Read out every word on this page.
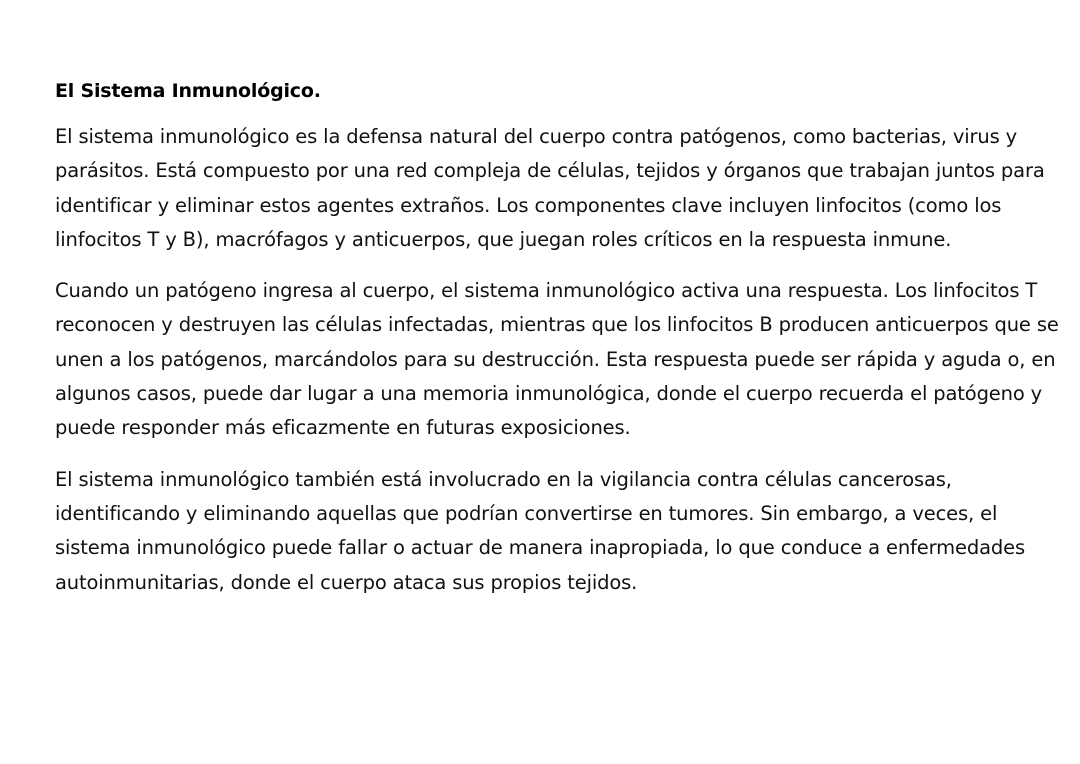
El Sistema Inmunológico.

El sistema inmunológico es la defensa natural del cuerpo contra patógenos, como bacterias, virus y parásitos. Está compuesto por una red compleja de células, tejidos y órganos que trabajan juntos para identificar y eliminar estos agentes extraños. Los componentes clave incluyen linfocitos (como los linfocitos T y B), macrófagos y anticuerpos, que juegan roles críticos en la respuesta inmune.

Cuando un patógeno ingresa al cuerpo, el sistema inmunológico activa una respuesta. Los linfocitos T reconocen y destruyen las células infectadas, mientras que los linfocitos B producen anticuerpos que se unen a los patógenos, marcándolos para su destrucción. Esta respuesta puede ser rápida y aguda o, en algunos casos, puede dar lugar a una memoria inmunológica, donde el cuerpo recuerda el patógeno y puede responder más eficazmente en futuras exposiciones.

El sistema inmunológico también está involucrado en la vigilancia contra células cancerosas, identificando y eliminando aquellas que podrían convertirse en tumores. Sin embargo, a veces, el sistema inmunológico puede fallar o actuar de manera inapropiada, lo que conduce a enfermedades autoinmunitarias, donde el cuerpo ataca sus propios tejidos.
